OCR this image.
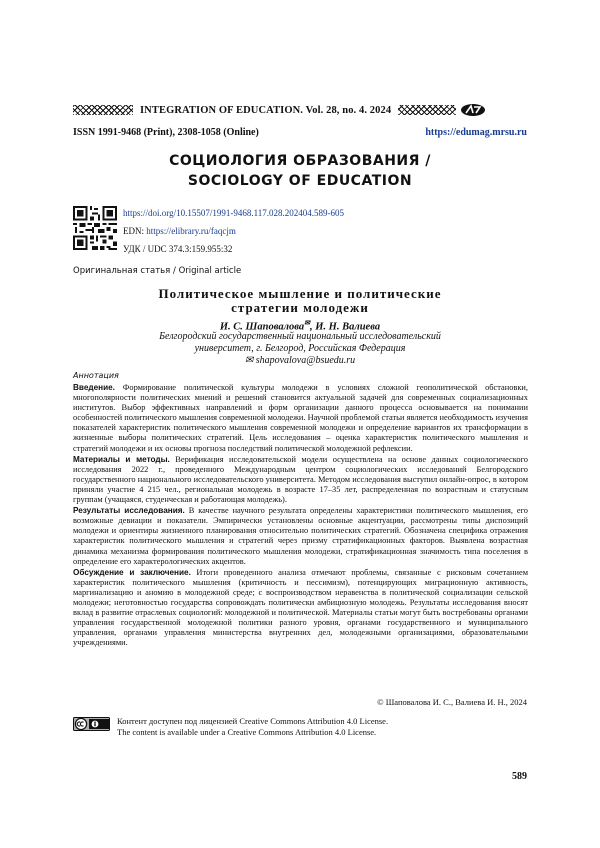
INTEGRATION OF EDUCATION. Vol. 28, no. 4. 2024
ISSN 1991-9468 (Print), 2308-1058 (Online)	https://edumag.mrsu.ru
СОЦИОЛОГИЯ ОБРАЗОВАНИЯ /
SOCIOLOGY OF EDUCATION
https://doi.org/10.15507/1991-9468.117.028.202404.589-605
EDN: https://elibrary.ru/faqcjm
УДК / UDC 374.3:159.955:32
Оригинальная статья / Original article
Политическое мышление и политические
стратегии молодежи
И. С. Шаповалова✉, И. Н. Валиева
Белгородский государственный национальный исследовательский
университет, г. Белгород, Российская Федерация
✉ shapovalova@bsuedu.ru
Аннотация

Введение. Формирование политической культуры молодежи в условиях сложной геополитической обстановки, многополярности политических мнений и решений становится актуальной задачей для современных социализационных институтов. Выбор эффективных направлений и форм организации данного процесса основывается на понимании особенностей политического мышления современной молодежи. Научной проблемой статьи является необходимость изучения показателей характеристик политического мышления современной молодежи и определение вариантов их трансформации в жизненные выборы политических стратегий. Цель исследования – оценка характеристик политического мышления и стратегий молодежи и их основы прогноза последствий политической молодежной рефлексии.

Материалы и методы. Верификация исследовательской модели осуществлена на основе данных социологического исследования 2022 г., проведенного Международным центром социологических исследований Белгородского государственного национального исследовательского университета. Методом исследования выступил онлайн-опрос, в котором приняли участие 4 215 чел., региональная молодежь в возрасте 17–35 лет, распределенная по возрастным и статусным группам (учащаяся, студенческая и работающая молодежь).

Результаты исследования. В качестве научного результата определены характеристики политического мышления, его возможные девиации и показатели. Эмпирически установлены основные акцентуации, рассмотрены типы диспозиций молодежи и ориентиры жизненного планирования относительно политических стратегий. Обозначена специфика отражения характеристик политического мышления и стратегий через призму стратификационных факторов. Выявлена возрастная динамика механизма формирования политического мышления молодежи, стратификационная значимость типа поселения в определение его характерологических акцентов.

Обсуждение и заключение. Итоги проведенного анализа отмечают проблемы, связанные с рисковым сочетанием характеристик политического мышления (критичность и пессимизм), потенцирующих миграционную активность, маргинализацию и аномию в молодежной среде; с воспроизводством неравенства в политической социализации сельской молодежи; неготовностью государства сопровождать политически амбициозную молодежь. Результаты исследования вносят вклад в развитие отраслевых социологий: молодежной и политической. Материалы статьи могут быть востребованы органами управления государственной молодежной политики разного уровня, органами государственного и муниципального управления, органами управления министерства внутренних дел, молодежными организациями, образовательными учреждениями.

© Шаповалова И. С., Валиева И. Н., 2024
Контент доступен под лицензией Creative Commons Attribution 4.0 License.
The content is available under a Creative Commons Attribution 4.0 License.
589
